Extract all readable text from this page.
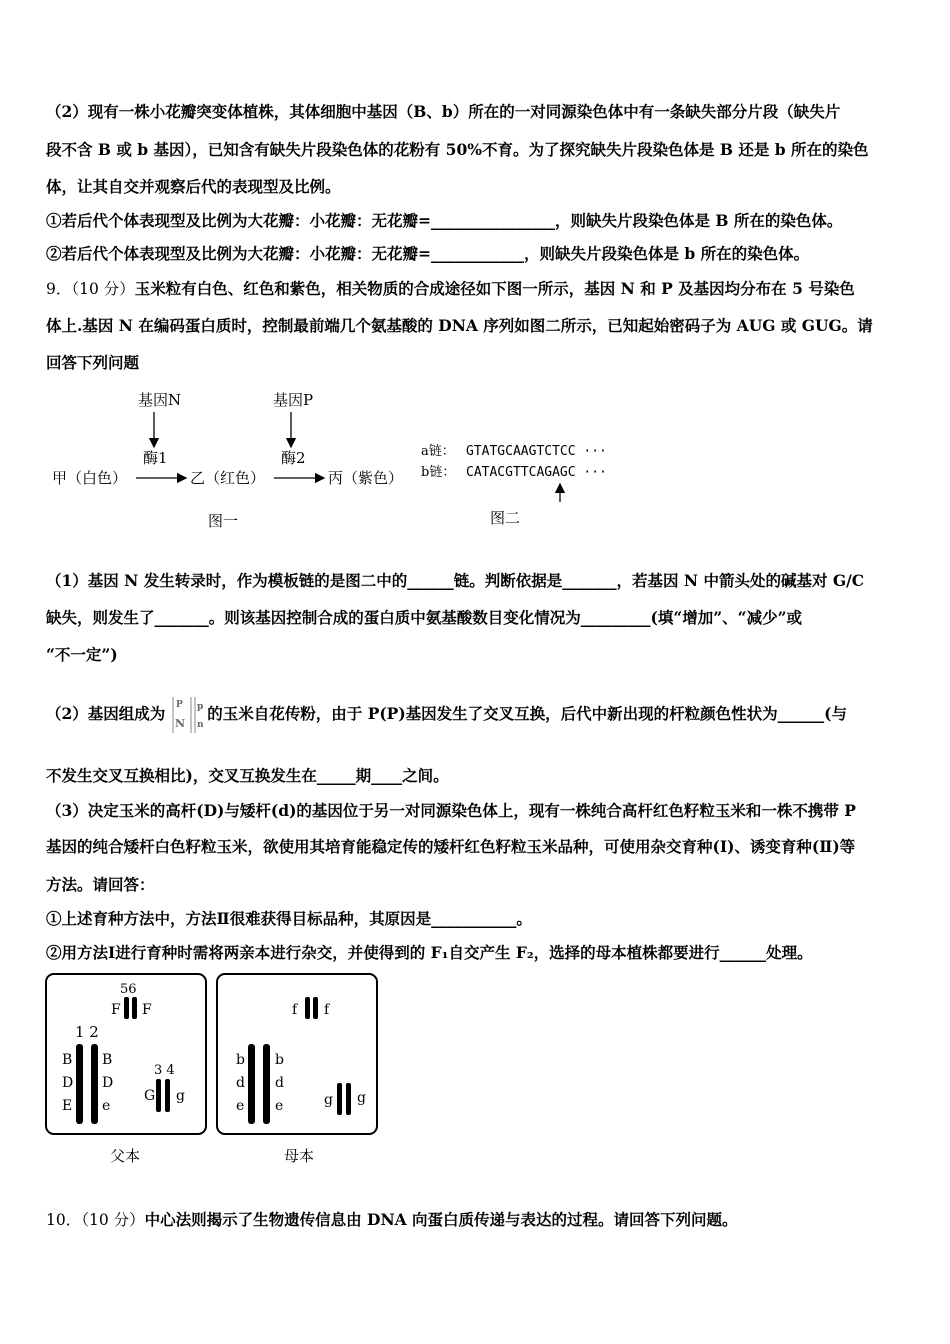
（2）现有一株小花瓣突变体植株，其体细胞中基因（B、b）所在的一对同源染色体中有一条缺失部分片段（缺失片
段不含 B 或 b 基因），已知含有缺失片段染色体的花粉有 50%不育。为了探究缺失片段染色体是 B 还是 b 所在的染色
体，让其自交并观察后代的表现型及比例。
①若后代个体表现型及比例为大花瓣：小花瓣：无花瓣=________________，则缺失片段染色体是 B 所在的染色体。
②若后代个体表现型及比例为大花瓣：小花瓣：无花瓣=____________，则缺失片段染色体是 b 所在的染色体。
9．（10 分）玉米粒有白色、红色和紫色，相关物质的合成途径如下图一所示，基因 N 和 P 及基因均分布在 5 号染色
体上.基因 N 在编码蛋白质时，控制最前端几个氨基酸的 DNA 序列如图二所示，已知起始密码子为 AUG 或 GUG。请
回答下列问题
基因N	基因P
酶1	酶2
甲（白色）	乙（红色）	丙（紫色）
图一
a链： GTATGCAAGTCTCC ···
b链： CATACGTTCAGAGC ···
图二
（1）基因 N 发生转录时，作为模板链的是图二中的______链。判断依据是_______，若基因 N 中箭头处的碱基对 G/C
缺失，则发生了_______。则该基因控制合成的蛋白质中氨基酸数目变化情况为_________(填“增加”、“减少”或
“不一定”)
（2）基因组成为 P
N
p
n
的玉米自花传粉，由于 P(P)基因发生了交叉互换，后代中新出现的杆粒颜色性状为______(与
不发生交叉互换相比)，交叉互换发生在_____期____之间。
（3）决定玉米的高杆(D)与矮杆(d)的基因位于另一对同源染色体上，现有一株纯合高杆红色籽粒玉米和一株不携带 P
基因的纯合矮杆白色籽粒玉米，欲使用其培育能稳定传的矮杆红色籽粒玉米品种，可使用杂交育种(Ⅰ)、诱变育种(Ⅱ)等
方法。请回答：
①上述育种方法中，方法Ⅱ很难获得目标品种，其原因是___________。
②用方法Ⅰ进行育种时需将两亲本进行杂交，并使得到的 F₁自交产生 F₂，选择的母本植株都要进行______处理。
56
F F
1 2
B
D
E
B
D
e
3 4
G g
父本
f f
b
d
e
b
d
e	g g
母本
10．（10 分）中心法则揭示了生物遗传信息由 DNA 向蛋白质传递与表达的过程。请回答下列问题。
